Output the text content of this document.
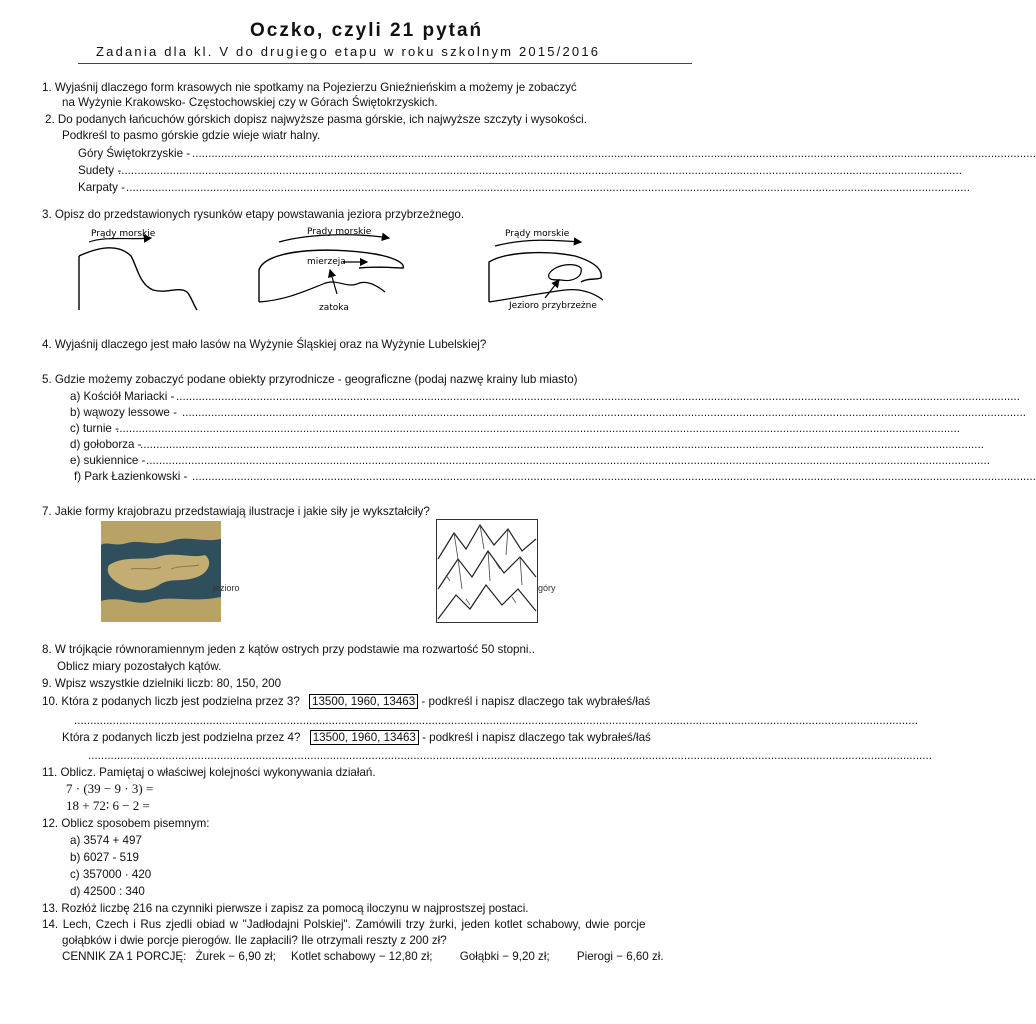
Oczko, czyli 21 pytań
Zadania dla kl. V do drugiego etapu w roku szkolnym 2015/2016
1. Wyjaśnij dlaczego form krasowych nie spotkamy na Pojezierzu Gnieźnieńskim a możemy je zobaczyć
na Wyżynie Krakowsko- Częstochowskiej czy w Górach Świętokrzyskich.
2. Do podanych łańcuchów górskich dopisz najwyższe pasma górskie, ich najwyższe szczyty i wysokości.
Podkreśl to pasmo górskie gdzie wieje wiatr halny.
Góry Świętokrzyskie - ......................................................................................................................................................................................................................................................................
Sudety -
......................................................................................................................................................................................................................................................................
Karpaty - ......................................................................................................................................................................................................................................................................
3. Opisz do przedstawionych rysunków etapy powstawania jeziora przybrzeżnego.
Prądy morskie	Prądy morskie
mierzeja
zatoka
Prądy morskie
Jezioro przybrzeżne
4. Wyjaśnij dlaczego jest mało lasów na Wyżynie Śląskiej oraz na Wyżynie Lubelskiej?
5. Gdzie możemy zobaczyć podane obiekty przyrodnicze - geograficzne (podaj nazwę krainy lub miasto)
a) Kościół Mariacki - ......................................................................................................................................................................................................................................................................
b) wąwozy lessowe - ......................................................................................................................................................................................................................................................................
c) turnie -
......................................................................................................................................................................................................................................................................
d) gołoborza -
......................................................................................................................................................................................................................................................................
e) sukiennice - ......................................................................................................................................................................................................................................................................
f) Park Łazienkowski - ......................................................................................................................................................................................................................................................................
7. Jakie formy krajobrazu przedstawiają ilustracje i jakie siły je wykształciły?
jezioro	góry
8. W trójkącie równoramiennym jeden z kątów ostrych przy podstawie ma rozwartość 50 stopni..
Oblicz miary pozostałych kątów.
9. Wpisz wszystkie dzielniki liczb: 80, 150, 200
10. Która z podanych liczb jest podzielna przez 3? 13500, 1960, 13463 - podkreśl i napisz dlaczego tak wybrałeś/łaś
......................................................................................................................................................................................................................................................................
Która z podanych liczb jest podzielna przez 4? 13500, 1960, 13463 - podkreśl i napisz dlaczego tak wybrałeś/łaś
......................................................................................................................................................................................................................................................................
11. Oblicz. Pamiętaj o właściwej kolejności wykonywania działań.
7 · (39 − 9 · 3) =
18 + 72∶ 6 − 2 =
12. Oblicz sposobem pisemnym:
a) 3574 + 497
b) 6027 - 519
c) 357000 · 420
d) 42500 : 340
13. Rozłóż liczbę 216 na czynniki pierwsze i zapisz za pomocą iloczynu w najprostszej postaci.
14. Lech, Czech i Rus zjedli obiad w "Jadłodajni Polskiej". Zamówili trzy żurki, jeden kotlet schabowy, dwie porcje
gołąbków i dwie porcje pierogów. Ile zapłacili? Ile otrzymali reszty z 200 zł?
CENNIK ZA 1 PORCJĘ: Żurek − 6,90 zł; Kotlet schabowy − 12,80 zł; Gołąbki − 9,20 zł; Pierogi − 6,60 zł.
